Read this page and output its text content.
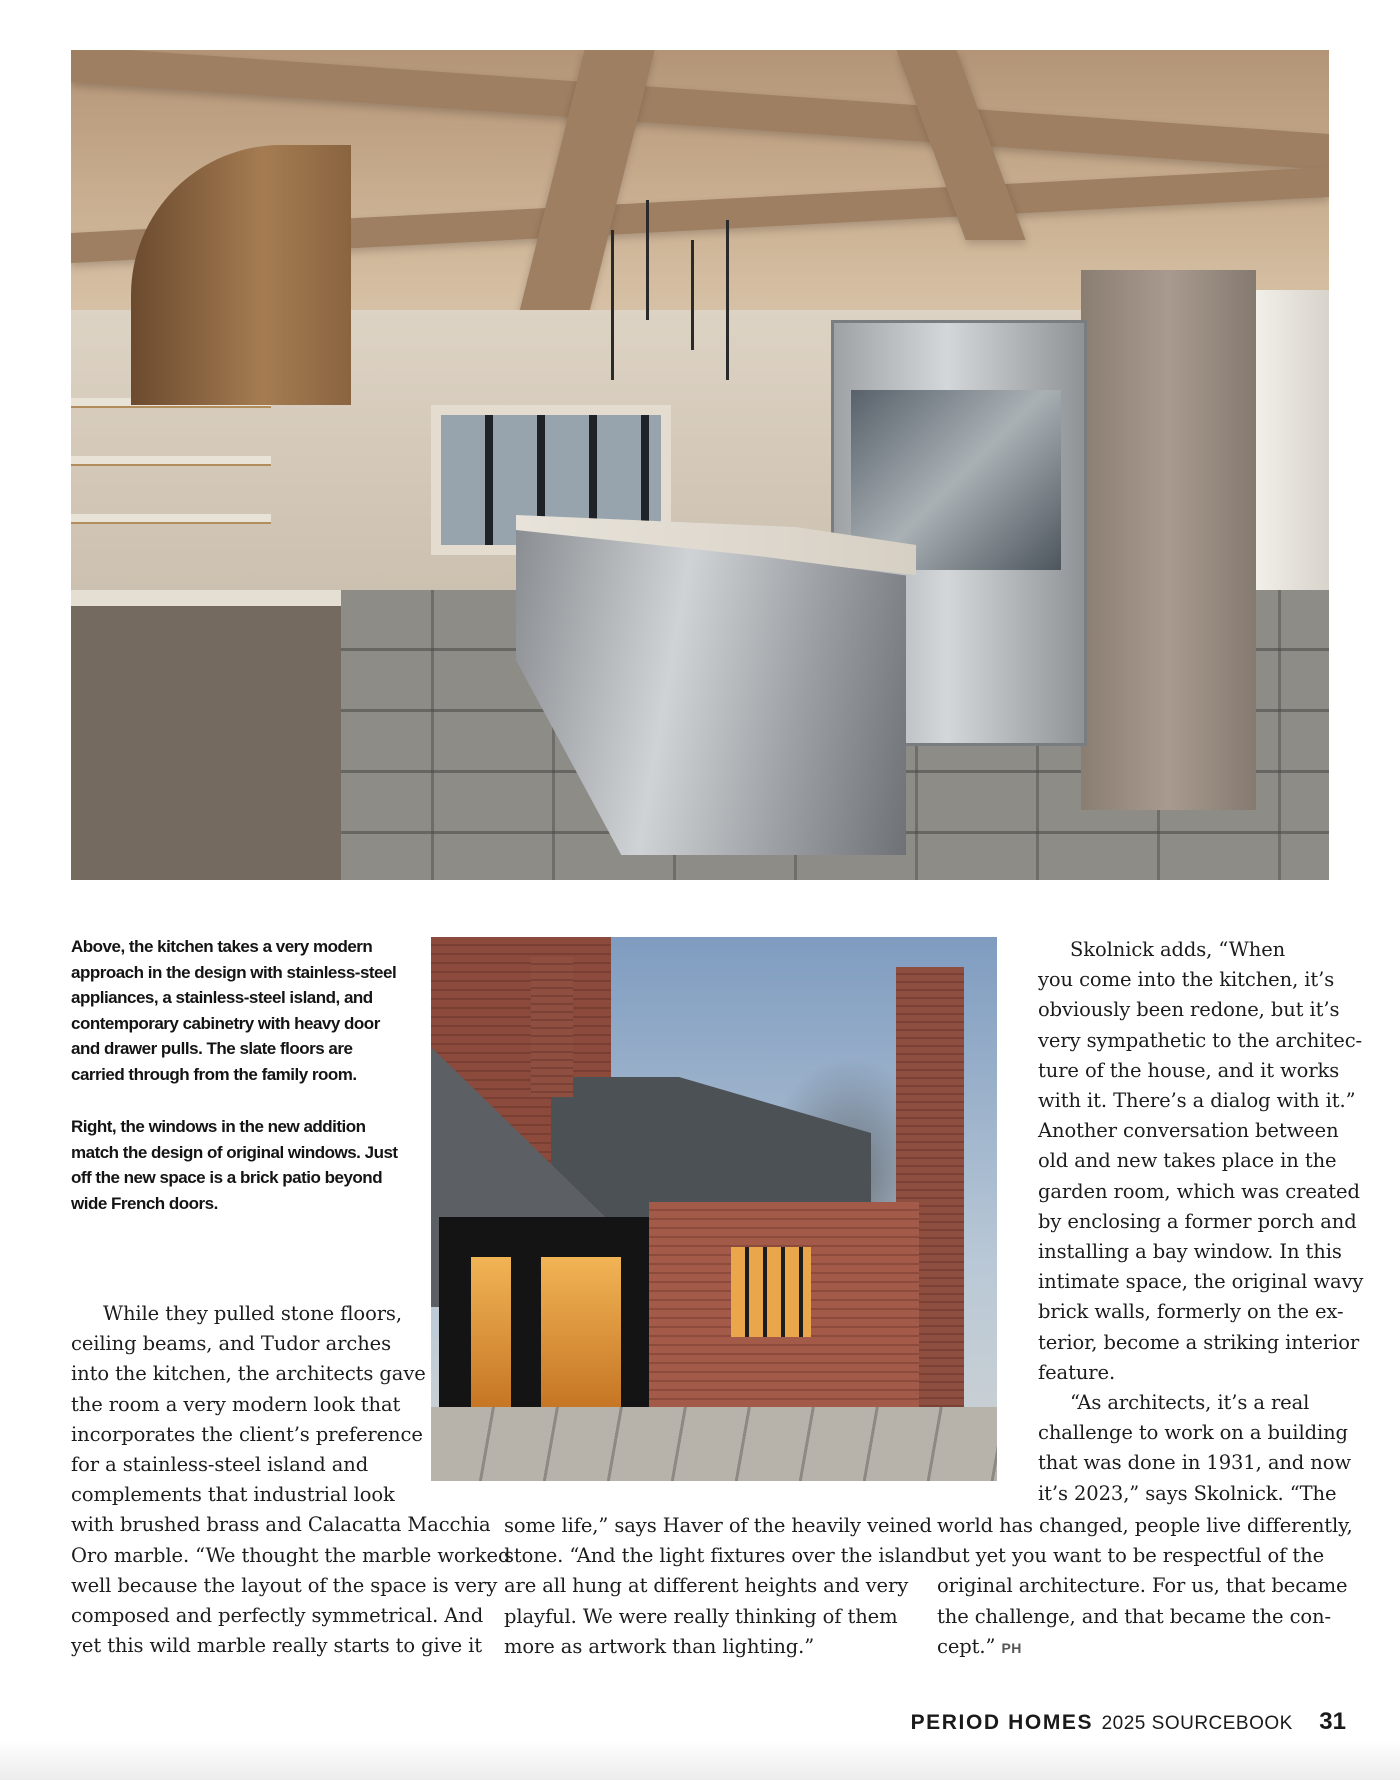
Above, the kitchen takes a very modern
approach in the design with stainless-steel
appliances, a stainless-steel island, and
contemporary cabinetry with heavy door
and drawer pulls. The slate floors are
carried through from the family room.
Right, the windows in the new addition
match the design of original windows. Just
off the new space is a brick patio beyond
wide French doors.
While they pulled stone floors,
ceiling beams, and Tudor arches
into the kitchen, the architects gave
the room a very modern look that
incorporates the client’s preference
for a stainless-steel island and
complements that industrial look
with brushed brass and Calacatta Macchia
Oro marble. “We thought the marble worked
well because the layout of the space is very
composed and perfectly symmetrical. And
yet this wild marble really starts to give it
some life,” says Haver of the heavily veined
stone. “And the light fixtures over the island
are all hung at different heights and very
playful. We were really thinking of them
more as artwork than lighting.”
Skolnick adds, “When
you come into the kitchen, it’s
obviously been redone, but it’s
very sympathetic to the architec-
ture of the house, and it works
with it. There’s a dialog with it.”
Another conversation between
old and new takes place in the
garden room, which was created
by enclosing a former porch and
installing a bay window. In this
intimate space, the original wavy
brick walls, formerly on the ex-
terior, become a striking interior
feature.
“As architects, it’s a real
challenge to work on a building
that was done in 1931, and now
it’s 2023,” says Skolnick. “The
world has changed, people live differently,
but yet you want to be respectful of the
original architecture. For us, that became
the challenge, and that became the con-
cept.” PH
PERIOD HOMES 2025 SOURCEBOOK 31
